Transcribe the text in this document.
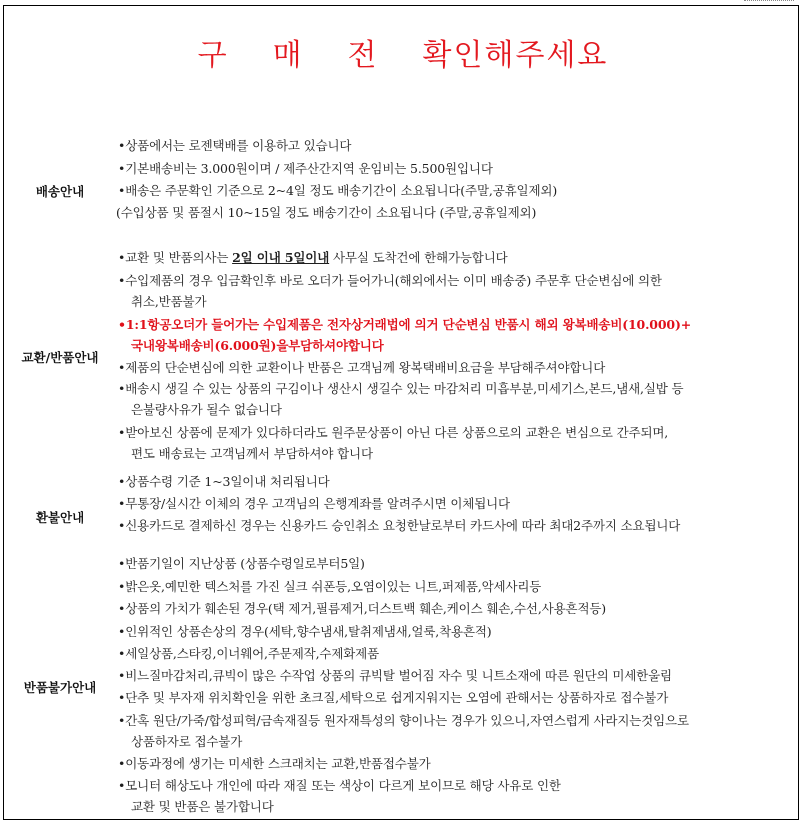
구 매 전 확인해주세요
배송안내
•상품에서는 로젠택배를 이용하고 있습니다
•기본배송비는 3.000원이며 / 제주산간지역 운임비는 5.500원입니다
•배송은 주문확인 기준으로 2~4일 정도 배송기간이 소요됩니다(주말,공휴일제외)
(수입상품 및 품절시 10~15일 정도 배송기간이 소요됩니다 (주말,공휴일제외)
교환/반품안내
•교환 및 반품의사는 2일 이내 5일이내 사무실 도착건에 한해가능합니다
•수입제품의 경우 입금확인후 바로 오더가 들어가니(해외에서는 이미 배송중) 주문후 단순변심에 의한
취소,반품불가
•1:1항공오더가 들어가는 수입제품은 전자상거래법에 의거 단순변심 반품시 해외 왕복배송비(10.000)+
국내왕복배송비(6.000원)을부담하셔야합니다
•제품의 단순변심에 의한 교환이나 반품은 고객님께 왕복택배비요금을 부담해주셔야합니다
•배송시 생길 수 있는 상품의 구김이나 생산시 생길수 있는 마감처리 미흡부분,미세기스,본드,냄새,실밥 등
은불량사유가 될수 없습니다
•받아보신 상품에 문제가 있다하더라도 원주문상품이 아닌 다른 상품으로의 교환은 변심으로 간주되며,
편도 배송료는 고객님께서 부담하셔야 합니다
환불안내
•상품수령 기준 1~3일이내 처리됩니다
•무통장/실시간 이체의 경우 고객님의 은행계좌를 알려주시면 이체됩니다
•신용카드로 결제하신 경우는 신용카드 승인취소 요청한날로부터 카드사에 따라 최대2주까지 소요됩니다
반품불가안내
•반품기일이 지난상품 (상품수령일로부터5일)
•밝은옷,예민한 텍스처를 가진 실크 쉬폰등,오염이있는 니트,퍼제품,악세사리등
•상품의 가치가 훼손된 경우(택 제거,필름제거,더스트백 훼손,케이스 훼손,수선,사용흔적등)
•인위적인 상품손상의 경우(세탁,향수냄새,탈취제냄새,얼룩,착용흔적)
•세일상품,스타킹,이너웨어,주문제작,수제화제품
•비느질마감처리,큐빅이 많은 수작업 상품의 큐빅탈 벌어짐 자수 및 니트소재에 따른 원단의 미세한울림
•단추 및 부자재 위치확인을 위한 초크질,세탁으로 쉽게지워지는 오염에 관해서는 상품하자로 접수불가
•간혹 원단/가죽/합성피혁/금속재질등 원자재특성의 향이나는 경우가 있으니,자연스럽게 사라지는것임으로
상품하자로 접수불가
•이동과정에 생기는 미세한 스크래치는 교환,반품접수불가
•모니터 해상도나 개인에 따라 재질 또는 색상이 다르게 보이므로 해당 사유로 인한
교환 및 반품은 불가합니다
